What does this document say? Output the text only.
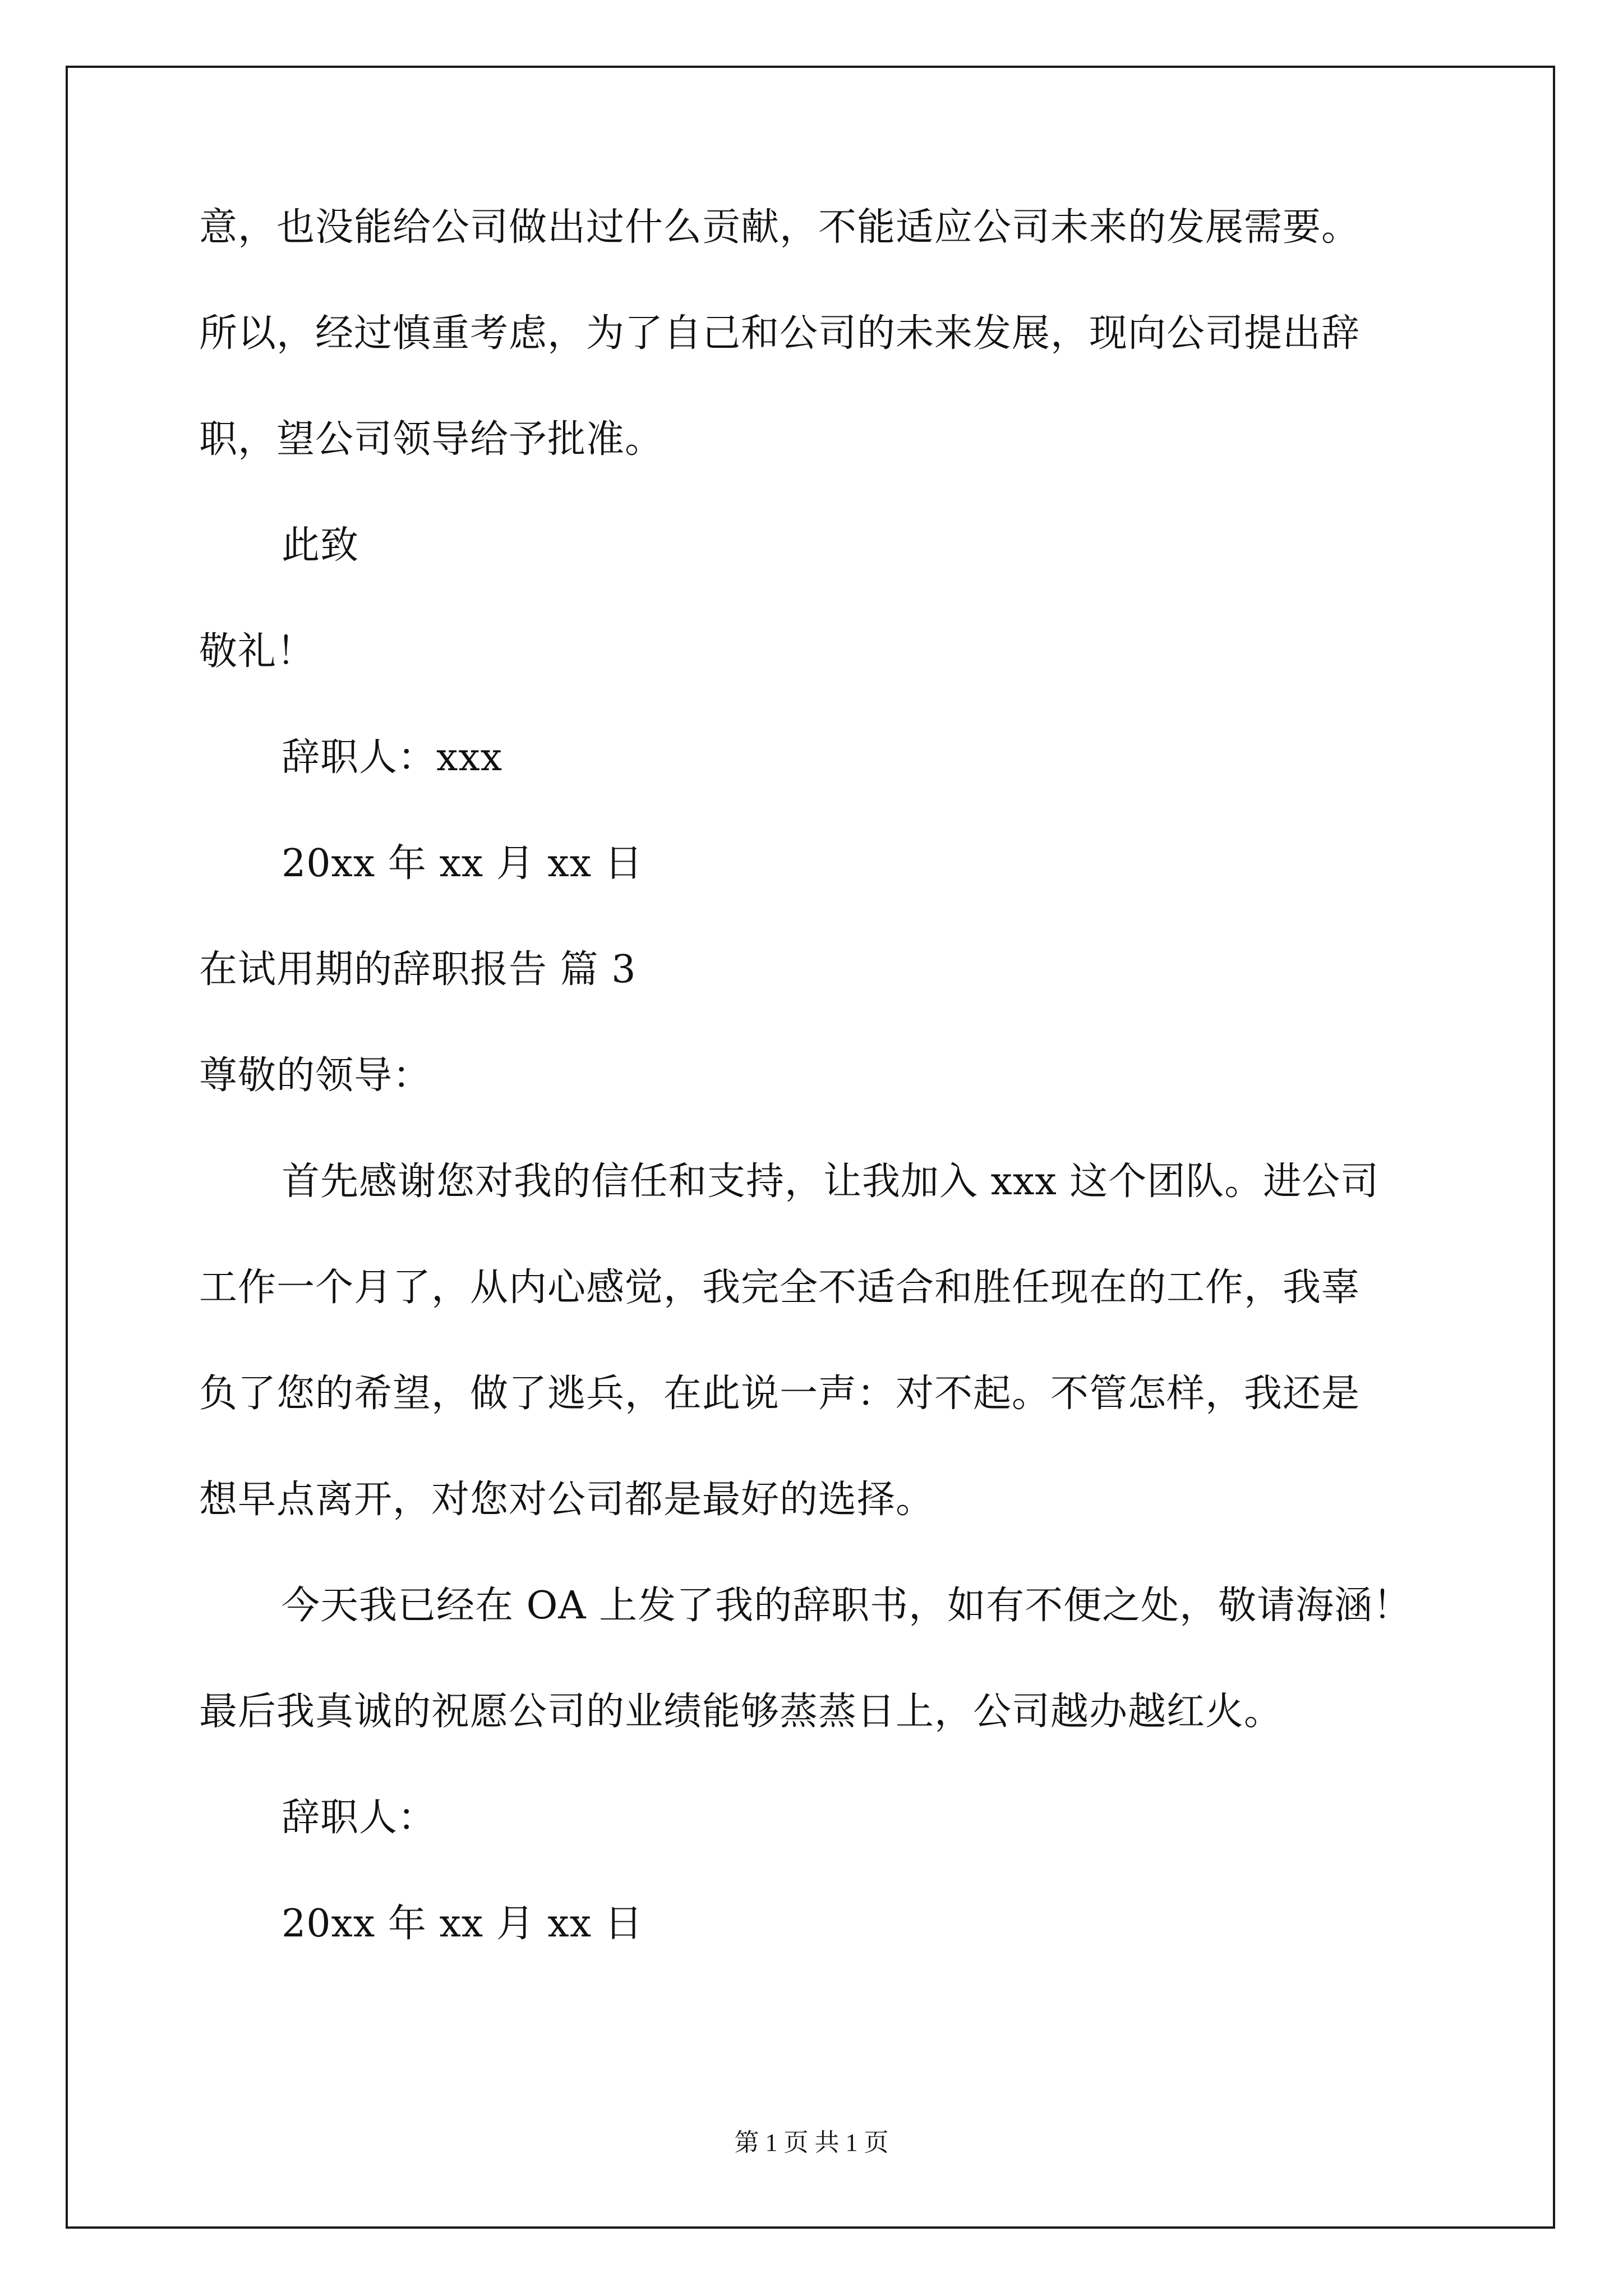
意，也没能给公司做出过什么贡献，不能适应公司未来的发展需要。
所以，经过慎重考虑，为了自己和公司的未来发展，现向公司提出辞
职，望公司领导给予批准。
此致
敬礼！
辞职人：xxx
20xx 年 xx 月 xx 日
在试用期的辞职报告 篇 3
尊敬的领导：
首先感谢您对我的信任和支持，让我加入 xxx 这个团队。进公司
工作一个月了，从内心感觉，我完全不适合和胜任现在的工作，我辜
负了您的希望，做了逃兵，在此说一声：对不起。不管怎样，我还是
想早点离开，对您对公司都是最好的选择。
今天我已经在 OA 上发了我的辞职书，如有不便之处，敬请海涵！
最后我真诚的祝愿公司的业绩能够蒸蒸日上，公司越办越红火。
辞职人：
20xx 年 xx 月 xx 日
第 1 页 共 1 页
